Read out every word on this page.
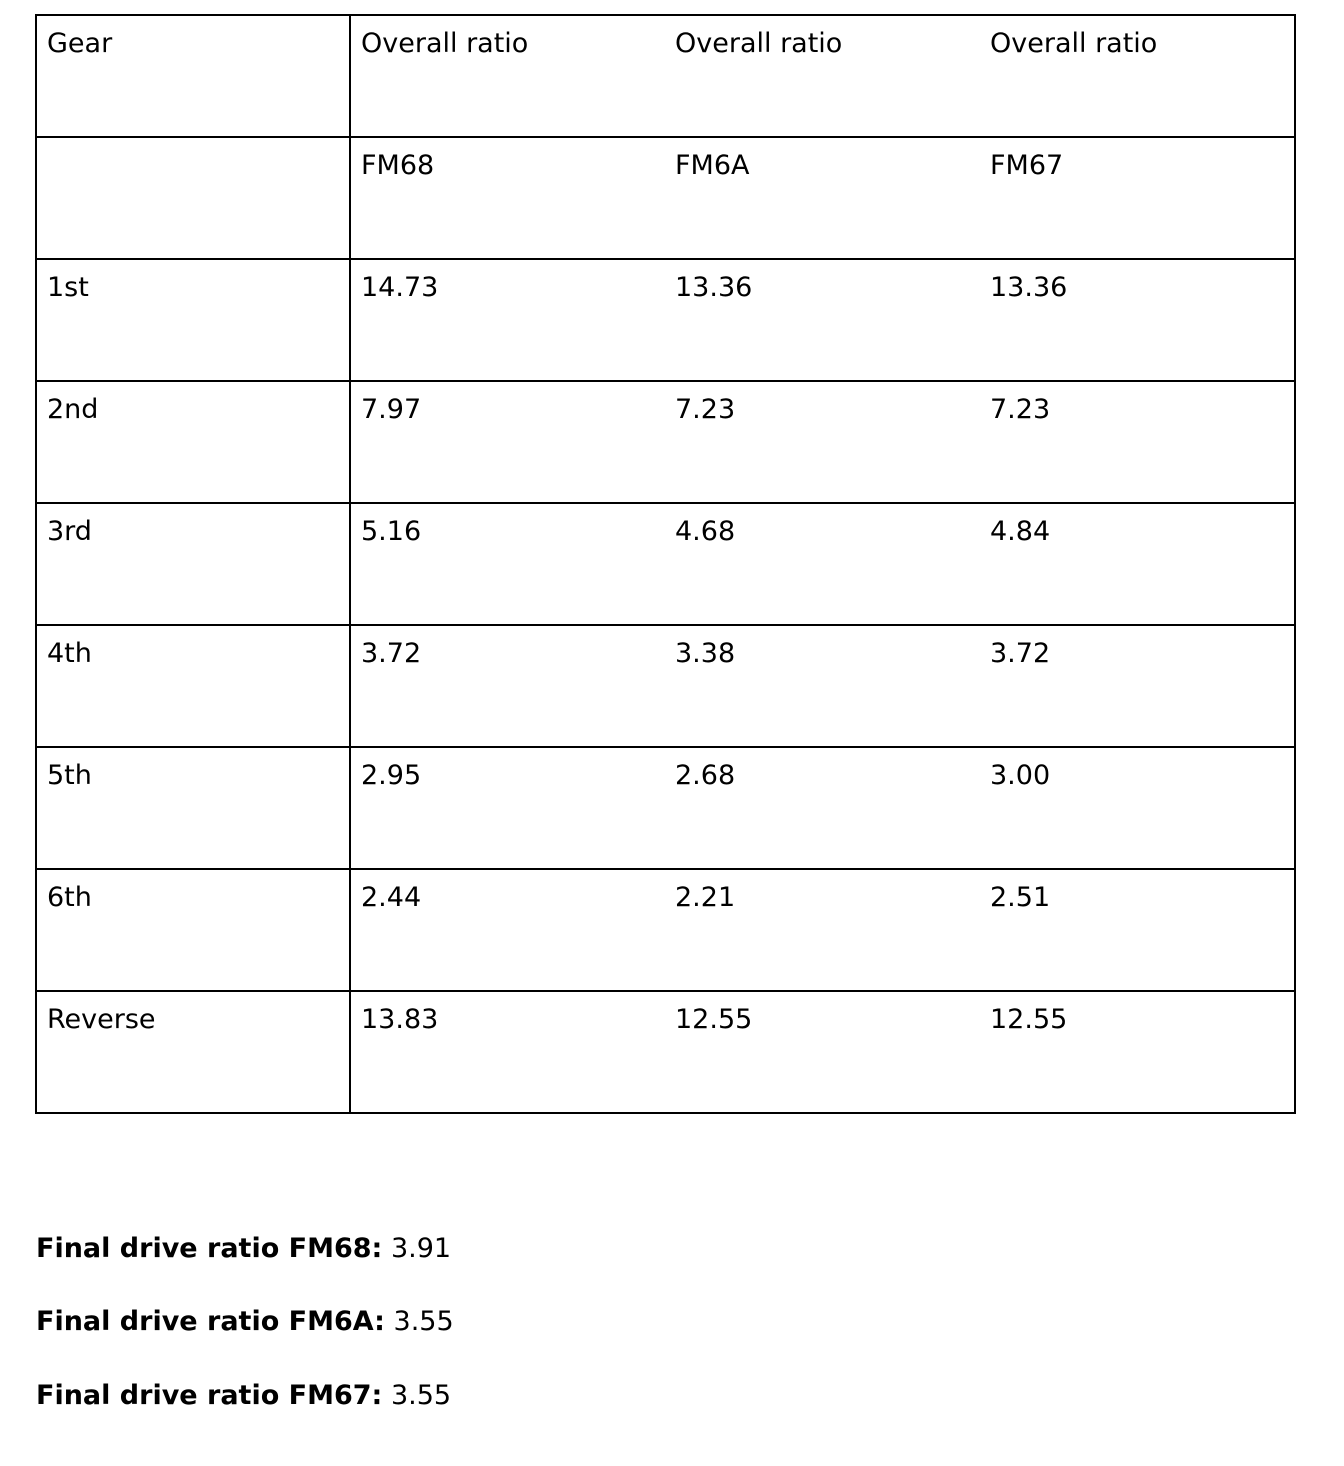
Gear	Overall ratio	Overall ratio	Overall ratio
	FM68	FM6A	FM67
1st	14.73	13.36	13.36
2nd	7.97	7.23	7.23
3rd	5.16	4.68	4.84
4th	3.72	3.38	3.72
5th	2.95	2.68	3.00
6th	2.44	2.21	2.51
Reverse	13.83	12.55	12.55
Final drive ratio FM68: 3.91
Final drive ratio FM6A: 3.55
Final drive ratio FM67: 3.55
